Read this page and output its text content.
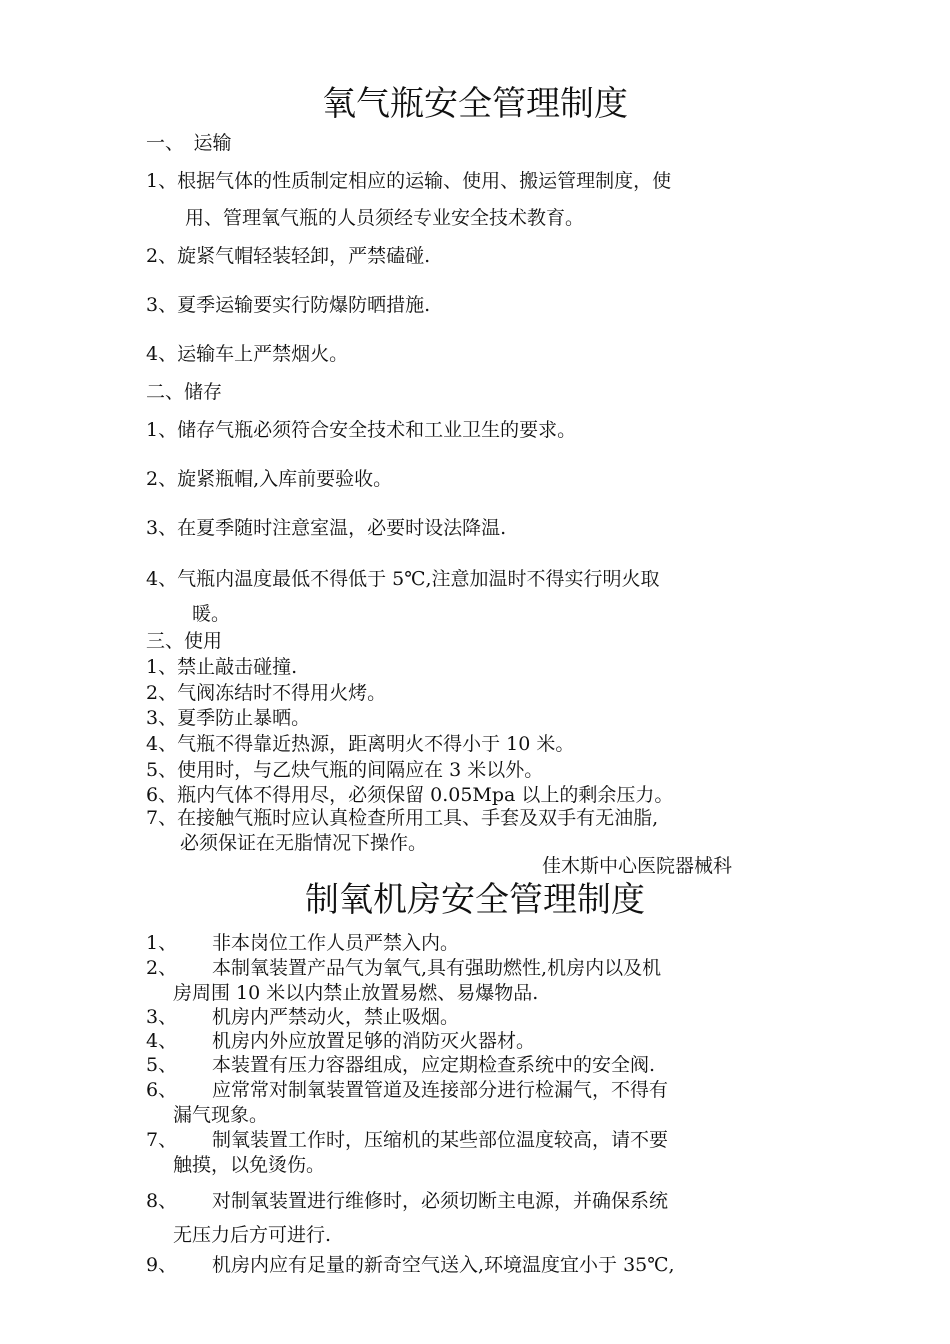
氧气瓶安全管理制度
一、　运输
1、根据气体的性质制定相应的运输、使用、搬运管理制度，使
用、管理氧气瓶的人员须经专业安全技术教育。
2、旋紧气帽轻装轻卸，严禁磕碰.
3、夏季运输要实行防爆防晒措施.
4、运输车上严禁烟火。
二、储存
1、储存气瓶必须符合安全技术和工业卫生的要求。
2、旋紧瓶帽,入库前要验收。
3、在夏季随时注意室温，必要时设法降温.
4、气瓶内温度最低不得低于 5℃,注意加温时不得实行明火取
暖。
三、使用
1、禁止敲击碰撞.
2、气阀冻结时不得用火烤。
3、夏季防止暴晒。
4、气瓶不得靠近热源，距离明火不得小于 10 米。
5、使用时，与乙炔气瓶的间隔应在 3 米以外。
6、瓶内气体不得用尽，必须保留 0.05Mpa 以上的剩余压力。
7、在接触气瓶时应认真检查所用工具、手套及双手有无油脂,
必须保证在无脂情况下操作。
佳木斯中心医院器械科
制氧机房安全管理制度
1、 非本岗位工作人员严禁入内。
2、 本制氧装置产品气为氧气,具有强助燃性,机房内以及机
房周围 10 米以内禁止放置易燃、易爆物品.
3、 机房内严禁动火，禁止吸烟。
4、 机房内外应放置足够的消防灭火器材。
5、 本装置有压力容器组成，应定期检查系统中的安全阀.
6、 应常常对制氧装置管道及连接部分进行检漏气，不得有
漏气现象。
7、 制氧装置工作时，压缩机的某些部位温度较高，请不要
触摸，以免烫伤。
8、 对制氧装置进行维修时，必须切断主电源，并确保系统
无压力后方可进行.
9、 机房内应有足量的新奇空气送入,环境温度宜小于 35℃,
